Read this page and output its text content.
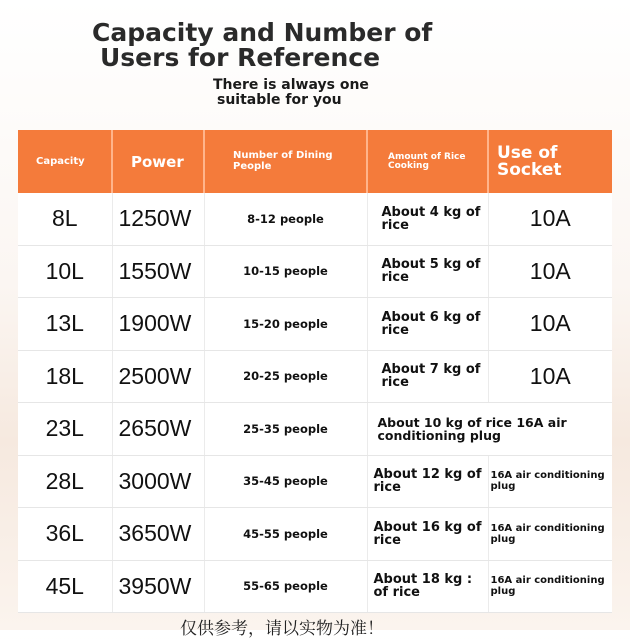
Capacity and Number of
Users for Reference
There is always one
suitable for you
Capacity	Power	Number of Dining People	Amount of Rice Cooking	Use of Socket
8L	1250W	8-12 people	About 4 kg of rice	10A
10L	1550W	10-15 people	About 5 kg of rice	10A
13L	1900W	15-20 people	About 6 kg of rice	10A
18L	2500W	20-25 people	About 7 kg of rice	10A
23L	2650W	25-35 people	About 10 kg of rice 16A air conditioning plug	
28L	3000W	35-45 people	About 12 kg of rice	16A air conditioning plug
36L	3650W	45-55 people	About 16 kg of rice	16A air conditioning plug
45L	3950W	55-65 people	About 18 kg : of rice	16A air conditioning plug
仅供参考，请以实物为准！
